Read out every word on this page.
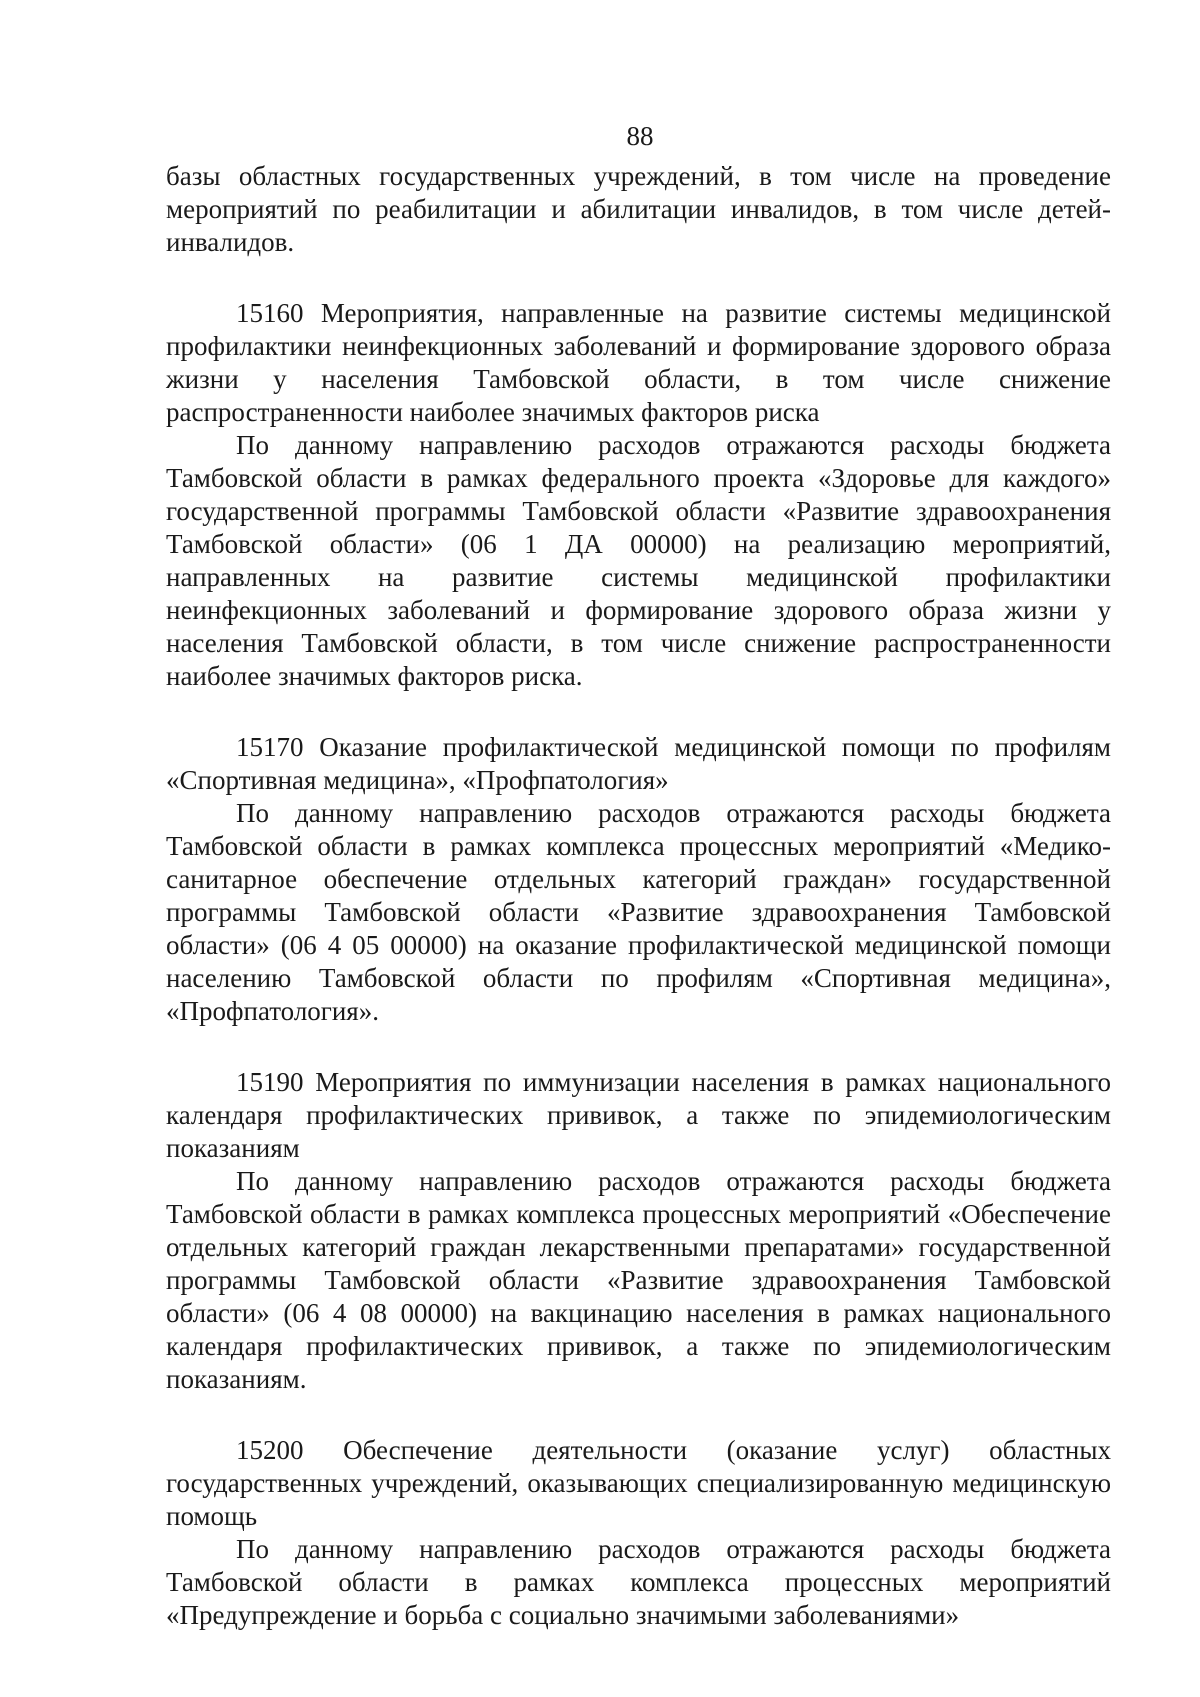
88

базы областных государственных учреждений, в том числе на проведение мероприятий по реабилитации и абилитации инвалидов, в том числе детей-инвалидов.

15160 Мероприятия, направленные на развитие системы медицинской профилактики неинфекционных заболеваний и формирование здорового образа жизни у населения Тамбовской области, в том числе снижение распространенности наиболее значимых факторов риска

По данному направлению расходов отражаются расходы бюджета Тамбовской области в рамках федерального проекта «Здоровье для каждого» государственной программы Тамбовской области «Развитие здравоохранения Тамбовской области» (06 1 ДА 00000) на реализацию мероприятий, направленных на развитие системы медицинской профилактики неинфекционных заболеваний и формирование здорового образа жизни у населения Тамбовской области, в том числе снижение распространенности наиболее значимых факторов риска.

15170 Оказание профилактической медицинской помощи по профилям «Спортивная медицина», «Профпатология»

По данному направлению расходов отражаются расходы бюджета Тамбовской области в рамках комплекса процессных мероприятий «Медико-санитарное обеспечение отдельных категорий граждан» государственной программы Тамбовской области «Развитие здравоохранения Тамбовской области» (06 4 05 00000) на оказание профилактической медицинской помощи населению Тамбовской области по профилям «Спортивная медицина», «Профпатология».

15190 Мероприятия по иммунизации населения в рамках национального календаря профилактических прививок, а также по эпидемиологическим показаниям

По данному направлению расходов отражаются расходы бюджета Тамбовской области в рамках комплекса процессных мероприятий «Обеспечение отдельных категорий граждан лекарственными препаратами» государственной программы Тамбовской области «Развитие здравоохранения Тамбовской области» (06 4 08 00000) на вакцинацию населения в рамках национального календаря профилактических прививок, а также по эпидемиологическим показаниям.

15200 Обеспечение деятельности (оказание услуг) областных государственных учреждений, оказывающих специализированную медицинскую помощь

По данному направлению расходов отражаются расходы бюджета Тамбовской области в рамках комплекса процессных мероприятий «Предупреждение и борьба с социально значимыми заболеваниями»
